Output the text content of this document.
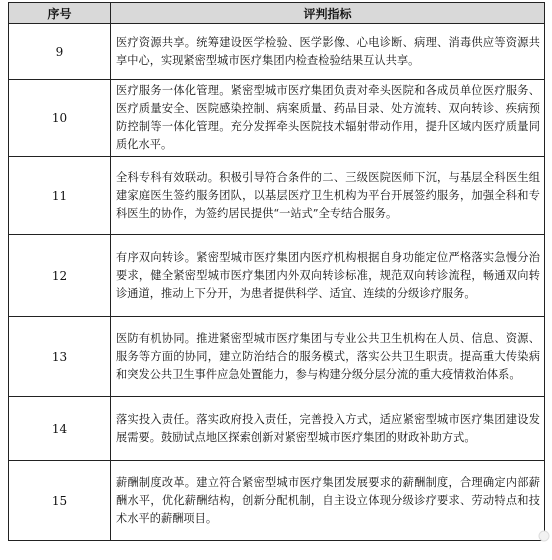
序号	评判指标
9	医疗资源共享。统筹建设医学检验、医学影像、心电诊断、病理、消毒供应等资源共享中心，实现紧密型城市医疗集团内检查检验结果互认共享。
10	医疗服务一体化管理。紧密型城市医疗集团负责对牵头医院和各成员单位医疗服务、医疗质量安全、医院感染控制、病案质量、药品目录、处方流转、双向转诊、疾病预防控制等一体化管理。充分发挥牵头医院技术辐射带动作用，提升区域内医疗质量同质化水平。
11	全科专科有效联动。积极引导符合条件的二、三级医院医师下沉，与基层全科医生组建家庭医生签约服务团队，以基层医疗卫生机构为平台开展签约服务，加强全科和专科医生的协作，为签约居民提供“一站式”全专结合服务。
12	有序双向转诊。紧密型城市医疗集团内医疗机构根据自身功能定位严格落实急慢分治要求，健全紧密型城市医疗集团内外双向转诊标准，规范双向转诊流程，畅通双向转诊通道，推动上下分开，为患者提供科学、适宜、连续的分级诊疗服务。
13	医防有机协同。推进紧密型城市医疗集团与专业公共卫生机构在人员、信息、资源、服务等方面的协同，建立防治结合的服务模式，落实公共卫生职责。提高重大传染病和突发公共卫生事件应急处置能力，参与构建分级分层分流的重大疫情救治体系。
14	落实投入责任。落实政府投入责任，完善投入方式，适应紧密型城市医疗集团建设发展需要。鼓励试点地区探索创新对紧密型城市医疗集团的财政补助方式。
15	薪酬制度改革。建立符合紧密型城市医疗集团发展要求的薪酬制度，合理确定内部薪酬水平，优化薪酬结构，创新分配机制，自主设立体现分级诊疗要求、劳动特点和技术水平的薪酬项目。
